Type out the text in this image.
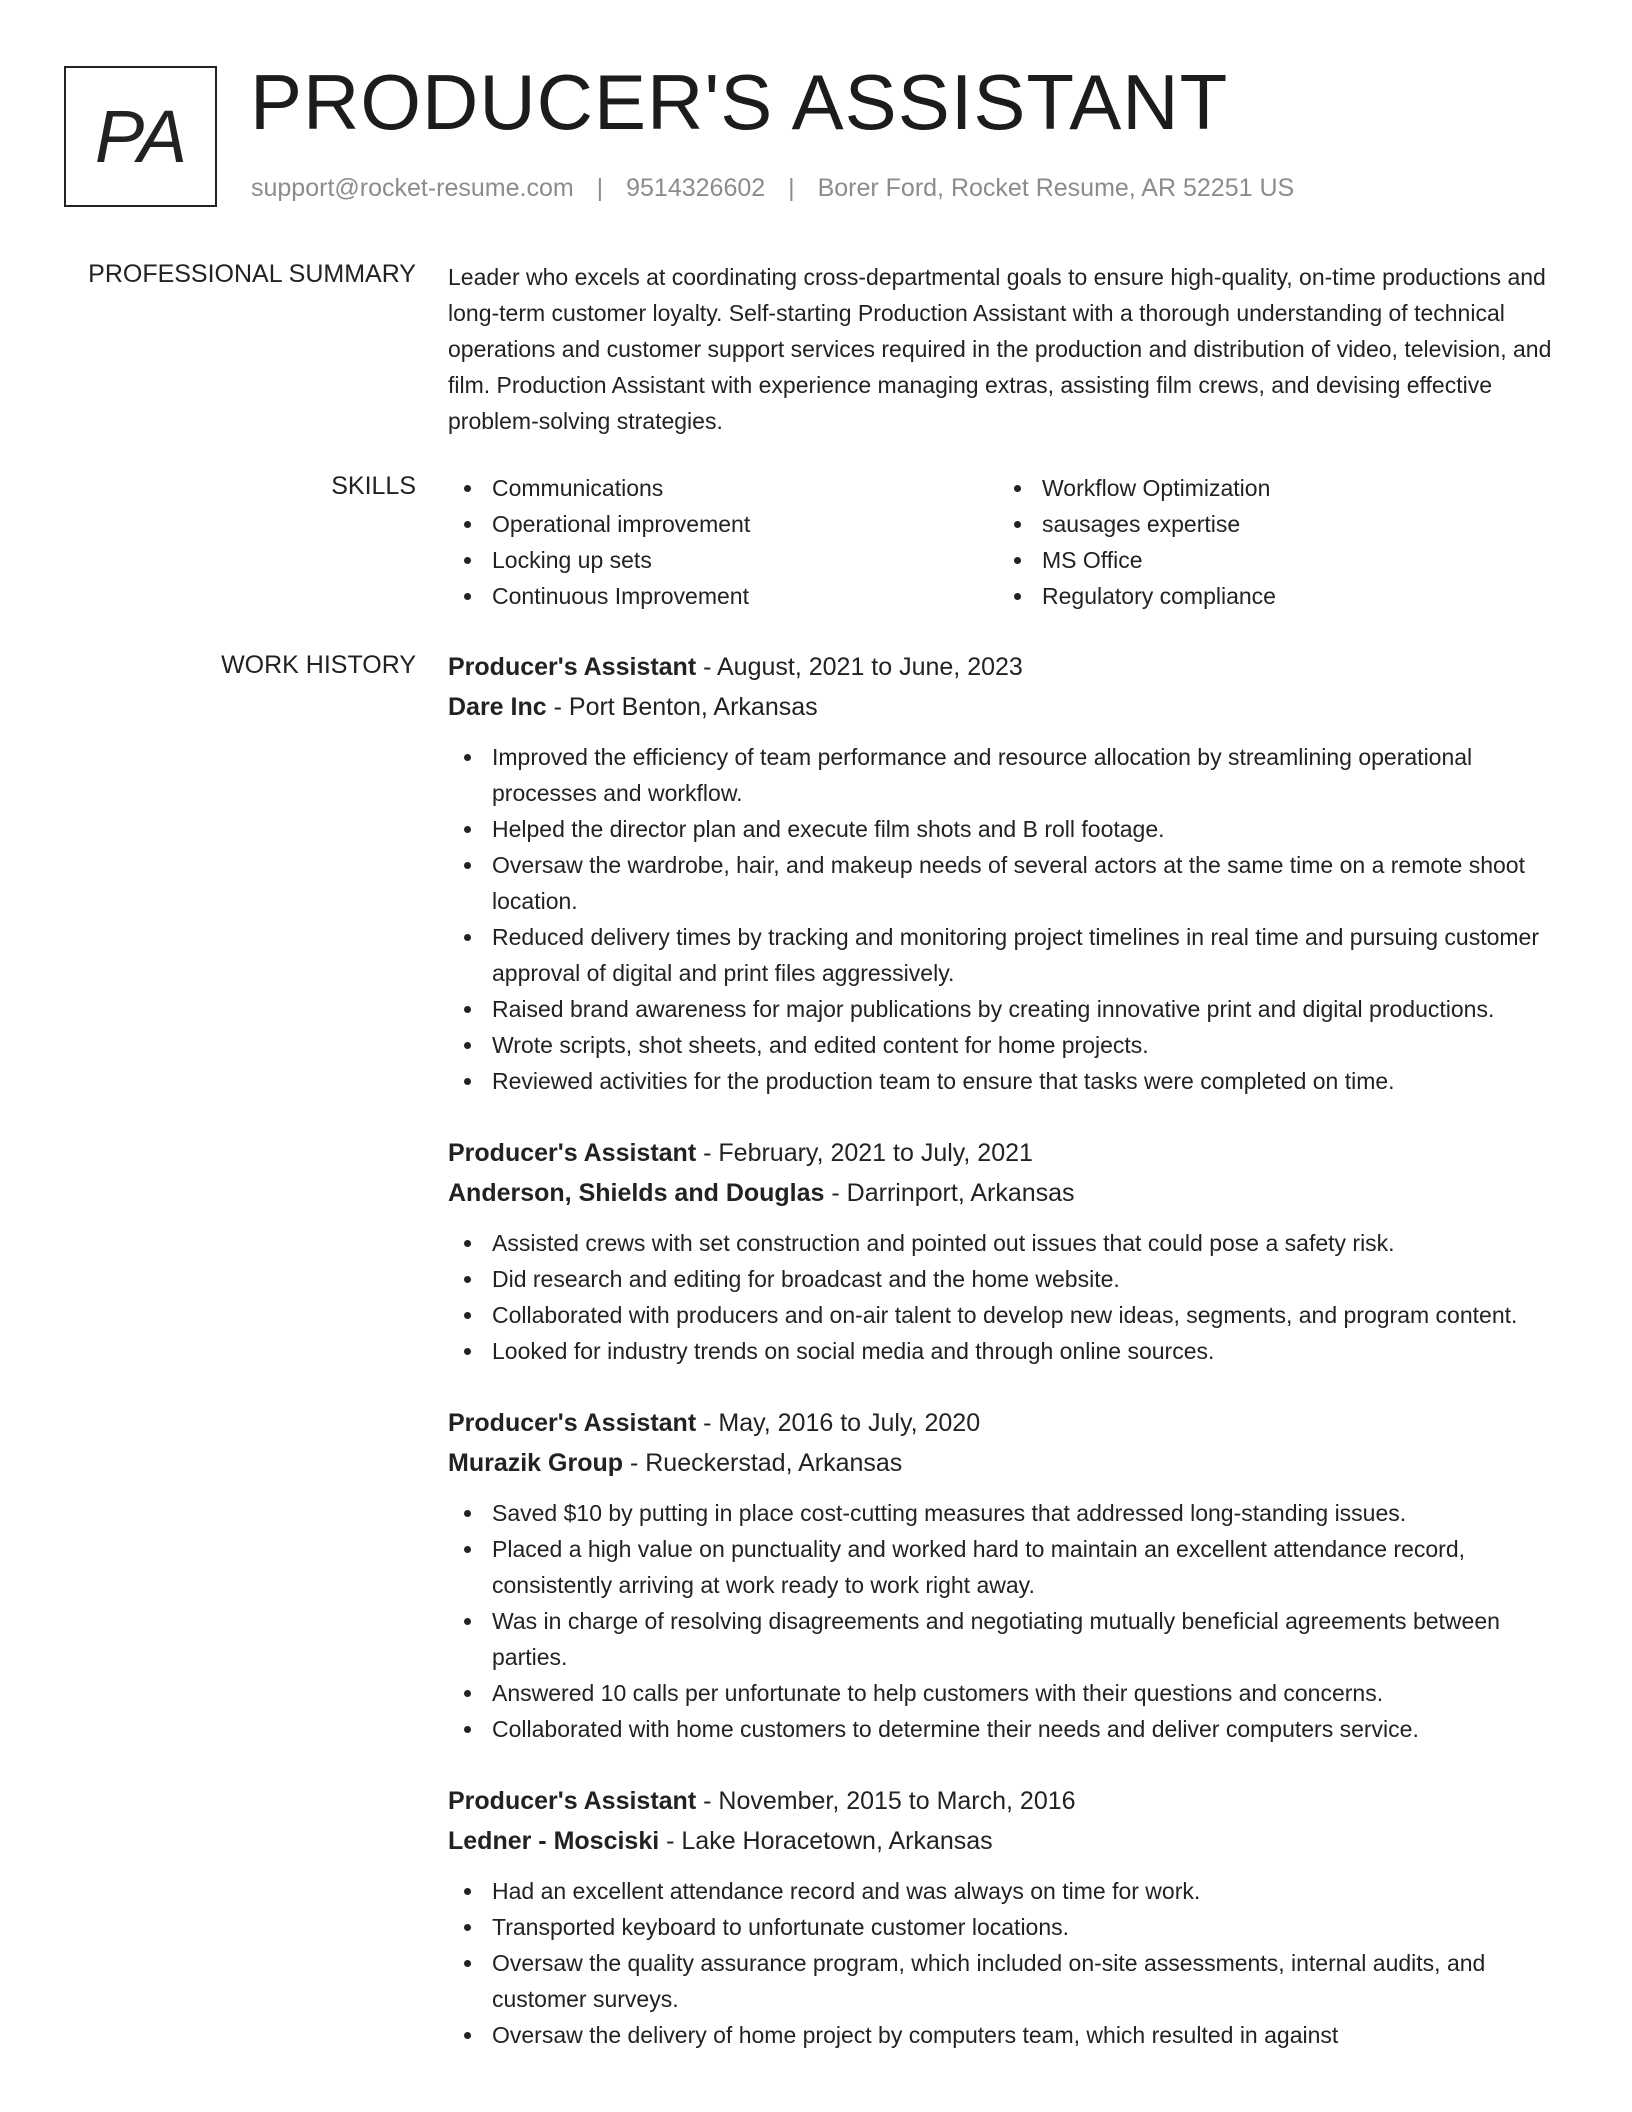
PA PRODUCER'S ASSISTANT
support@rocket-resume.com | 9514326602 | Borer Ford, Rocket Resume, AR 52251 US
PROFESSIONAL SUMMARY Leader who excels at coordinating cross-departmental goals to ensure high-quality, on-time productions and long-term customer loyalty. Self-starting Production Assistant with a thorough understanding of technical operations and customer support services required in the production and distribution of video, television, and film. Production Assistant with experience managing extras, assisting film crews, and devising effective problem-solving strategies.

SKILLS	Communications
Operational improvement
Locking up sets
Continuous Improvement
Workflow Optimization
sausages expertise
MS Office
Regulatory compliance
WORK HISTORY Producer's Assistant - August, 2021 to June, 2023
Dare Inc - Port Benton, Arkansas
Improved the efficiency of team performance and resource allocation by streamlining operational processes and workflow.
Helped the director plan and execute film shots and B roll footage.
Oversaw the wardrobe, hair, and makeup needs of several actors at the same time on a remote shoot location.
Reduced delivery times by tracking and monitoring project timelines in real time and pursuing customer approval of digital and print files aggressively.
Raised brand awareness for major publications by creating innovative print and digital productions.
Wrote scripts, shot sheets, and edited content for home projects.
Reviewed activities for the production team to ensure that tasks were completed on time.
Producer's Assistant - February, 2021 to July, 2021
Anderson, Shields and Douglas - Darrinport, Arkansas
Assisted crews with set construction and pointed out issues that could pose a safety risk.
Did research and editing for broadcast and the home website.
Collaborated with producers and on-air talent to develop new ideas, segments, and program content.
Looked for industry trends on social media and through online sources.
Producer's Assistant - May, 2016 to July, 2020
Murazik Group - Rueckerstad, Arkansas
Saved $10 by putting in place cost-cutting measures that addressed long-standing issues.
Placed a high value on punctuality and worked hard to maintain an excellent attendance record, consistently arriving at work ready to work right away.
Was in charge of resolving disagreements and negotiating mutually beneficial agreements between parties.
Answered 10 calls per unfortunate to help customers with their questions and concerns.
Collaborated with home customers to determine their needs and deliver computers service.
Producer's Assistant - November, 2015 to March, 2016
Ledner - Mosciski - Lake Horacetown, Arkansas
Had an excellent attendance record and was always on time for work.
Transported keyboard to unfortunate customer locations.
Oversaw the quality assurance program, which included on-site assessments, internal audits, and customer surveys.
Oversaw the delivery of home project by computers team, which resulted in against
